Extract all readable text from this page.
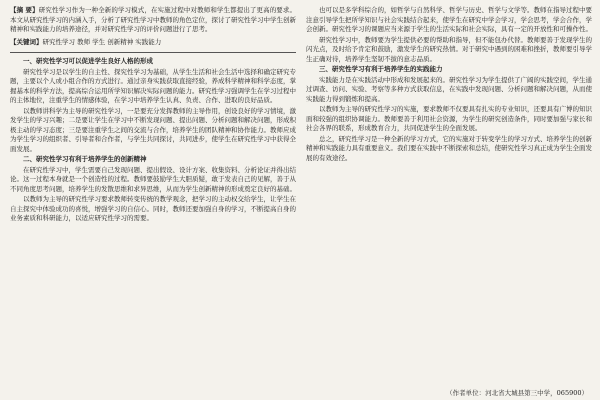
【摘 要】研究性学习作为一种全新的学习模式，在实施过程中对教师和学生都提出了更高的要求。本文从研究性学习的内涵入手，分析了研究性学习中教师的角色定位，探讨了研究性学习中学生创新精神和实践能力的培养途径，并对研究性学习的评价问题进行了思考。

【关键词】研究性学习 教师 学生 创新精神 实践能力

一、研究性学习可以促进学生良好人格的形成

研究性学习是以学生的自主性、探究性学习为基础，从学生生活和社会生活中选择和确定研究专题，主要以个人或小组合作的方式进行。通过亲身实践获取直接经验，养成科学精神和科学态度，掌握基本的科学方法，提高综合运用所学知识解决实际问题的能力。研究性学习强调学生在学习过程中的主体地位，注重学生的情感体验，在学习中培养学生认真、负责、合作、进取的良好品质。

以教师讲科学为主导的研究性学习，一是要充分发挥教师的主导作用，创设良好的学习情境，激发学生的学习兴趣；二是要让学生在学习中不断发现问题、提出问题、分析问题和解决问题，形成积极主动的学习态度；三是要注重学生之间的交流与合作，培养学生的团队精神和协作能力。教师应成为学生学习的组织者、引导者和合作者，与学生共同探讨，共同进步，使学生在研究性学习中获得全面发展。

二、研究性学习有利于培养学生的创新精神

在研究性学习中，学生需要自己发现问题、提出假设、设计方案、收集资料、分析论证并得出结论。这一过程本身就是一个创造性的过程。教师要鼓励学生大胆质疑，敢于发表自己的见解，善于从不同角度思考问题，培养学生的发散思维和求异思维，从而为学生创新精神的形成奠定良好的基础。

以教师为主导的研究性学习要求教师转变传统的教学观念，把学习的主动权交给学生，让学生在自主探究中体验成功的喜悦，增强学习的自信心。同时，教师还要加强自身的学习，不断提高自身的业务素质和科研能力，以适应研究性学习的需要。

也可以是多学科综合的，如哲学与自然科学、哲学与历史、哲学与文学等。教师在指导过程中要注意引导学生把所学知识与社会实践结合起来，使学生在研究中学会学习，学会思考，学会合作，学会创新。研究性学习的课题应当来源于学生的生活实际和社会实际，具有一定的开放性和可操作性。

研究性学习中，教师要为学生提供必要的帮助和指导，但不能包办代替。教师要善于发现学生的闪光点，及时给予肯定和鼓励，激发学生的研究热情。对于研究中遇到的困难和挫折，教师要引导学生正确对待，培养学生坚韧不拔的意志品质。

三、研究性学习有利于培养学生的实践能力

实践能力是在实践活动中形成和发展起来的。研究性学习为学生提供了广阔的实践空间，学生通过调查、访问、实验、考察等多种方式获取信息，在实践中发现问题、分析问题和解决问题，从而使实践能力得到锻炼和提高。

以教师为主导的研究性学习的实施，要求教师不仅要具有扎实的专业知识，还要具有广博的知识面和较强的组织协调能力。教师要善于利用社会资源，为学生的研究创造条件，同时要加强与家长和社会各界的联系，形成教育合力，共同促进学生的全面发展。

总之，研究性学习是一种全新的学习方式，它的实施对于转变学生的学习方式、培养学生的创新精神和实践能力具有重要意义。我们要在实践中不断探索和总结，使研究性学习真正成为学生全面发展的有效途径。

（作者单位：河北省大城县第三中学，065900）
